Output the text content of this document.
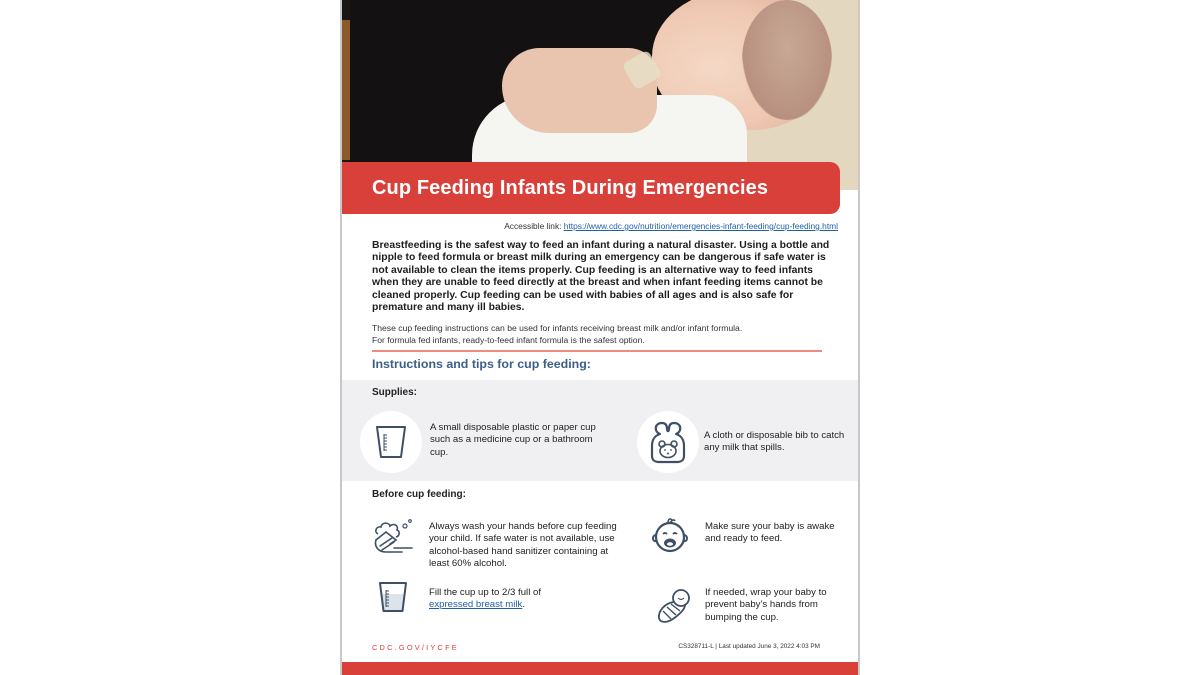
Cup Feeding Infants During Emergencies
Accessible link: https://www.cdc.gov/nutrition/emergencies-infant-feeding/cup-feeding.html

Breastfeeding is the safest way to feed an infant during a natural disaster. Using a bottle and nipple to feed formula or breast milk during an emergency can be dangerous if safe water is not available to clean the items properly. Cup feeding is an alternative way to feed infants when they are unable to feed directly at the breast and when infant feeding items cannot be cleaned properly. Cup feeding can be used with babies of all ages and is also safe for premature and many ill babies.

These cup feeding instructions can be used for infants receiving breast milk and/or infant formula.
For formula fed infants, ready-to-feed infant formula is the safest option.
Instructions and tips for cup feeding:
Supplies:
A small disposable plastic or paper cup such as a medicine cup or a bathroom cup.
A cloth or disposable bib to catch any milk that spills.
Before cup feeding:
Always wash your hands before cup feeding your child. If safe water is not available, use alcohol-based hand sanitizer containing at least 60% alcohol.
Make sure your baby is awake and ready to feed.
Fill the cup up to 2/3 full of
expressed breast milk.
If needed, wrap your baby to prevent baby’s hands from bumping the cup.
CDC.GOV/IYCFE	CS328711-L | Last updated June 3, 2022 4:03 PM
